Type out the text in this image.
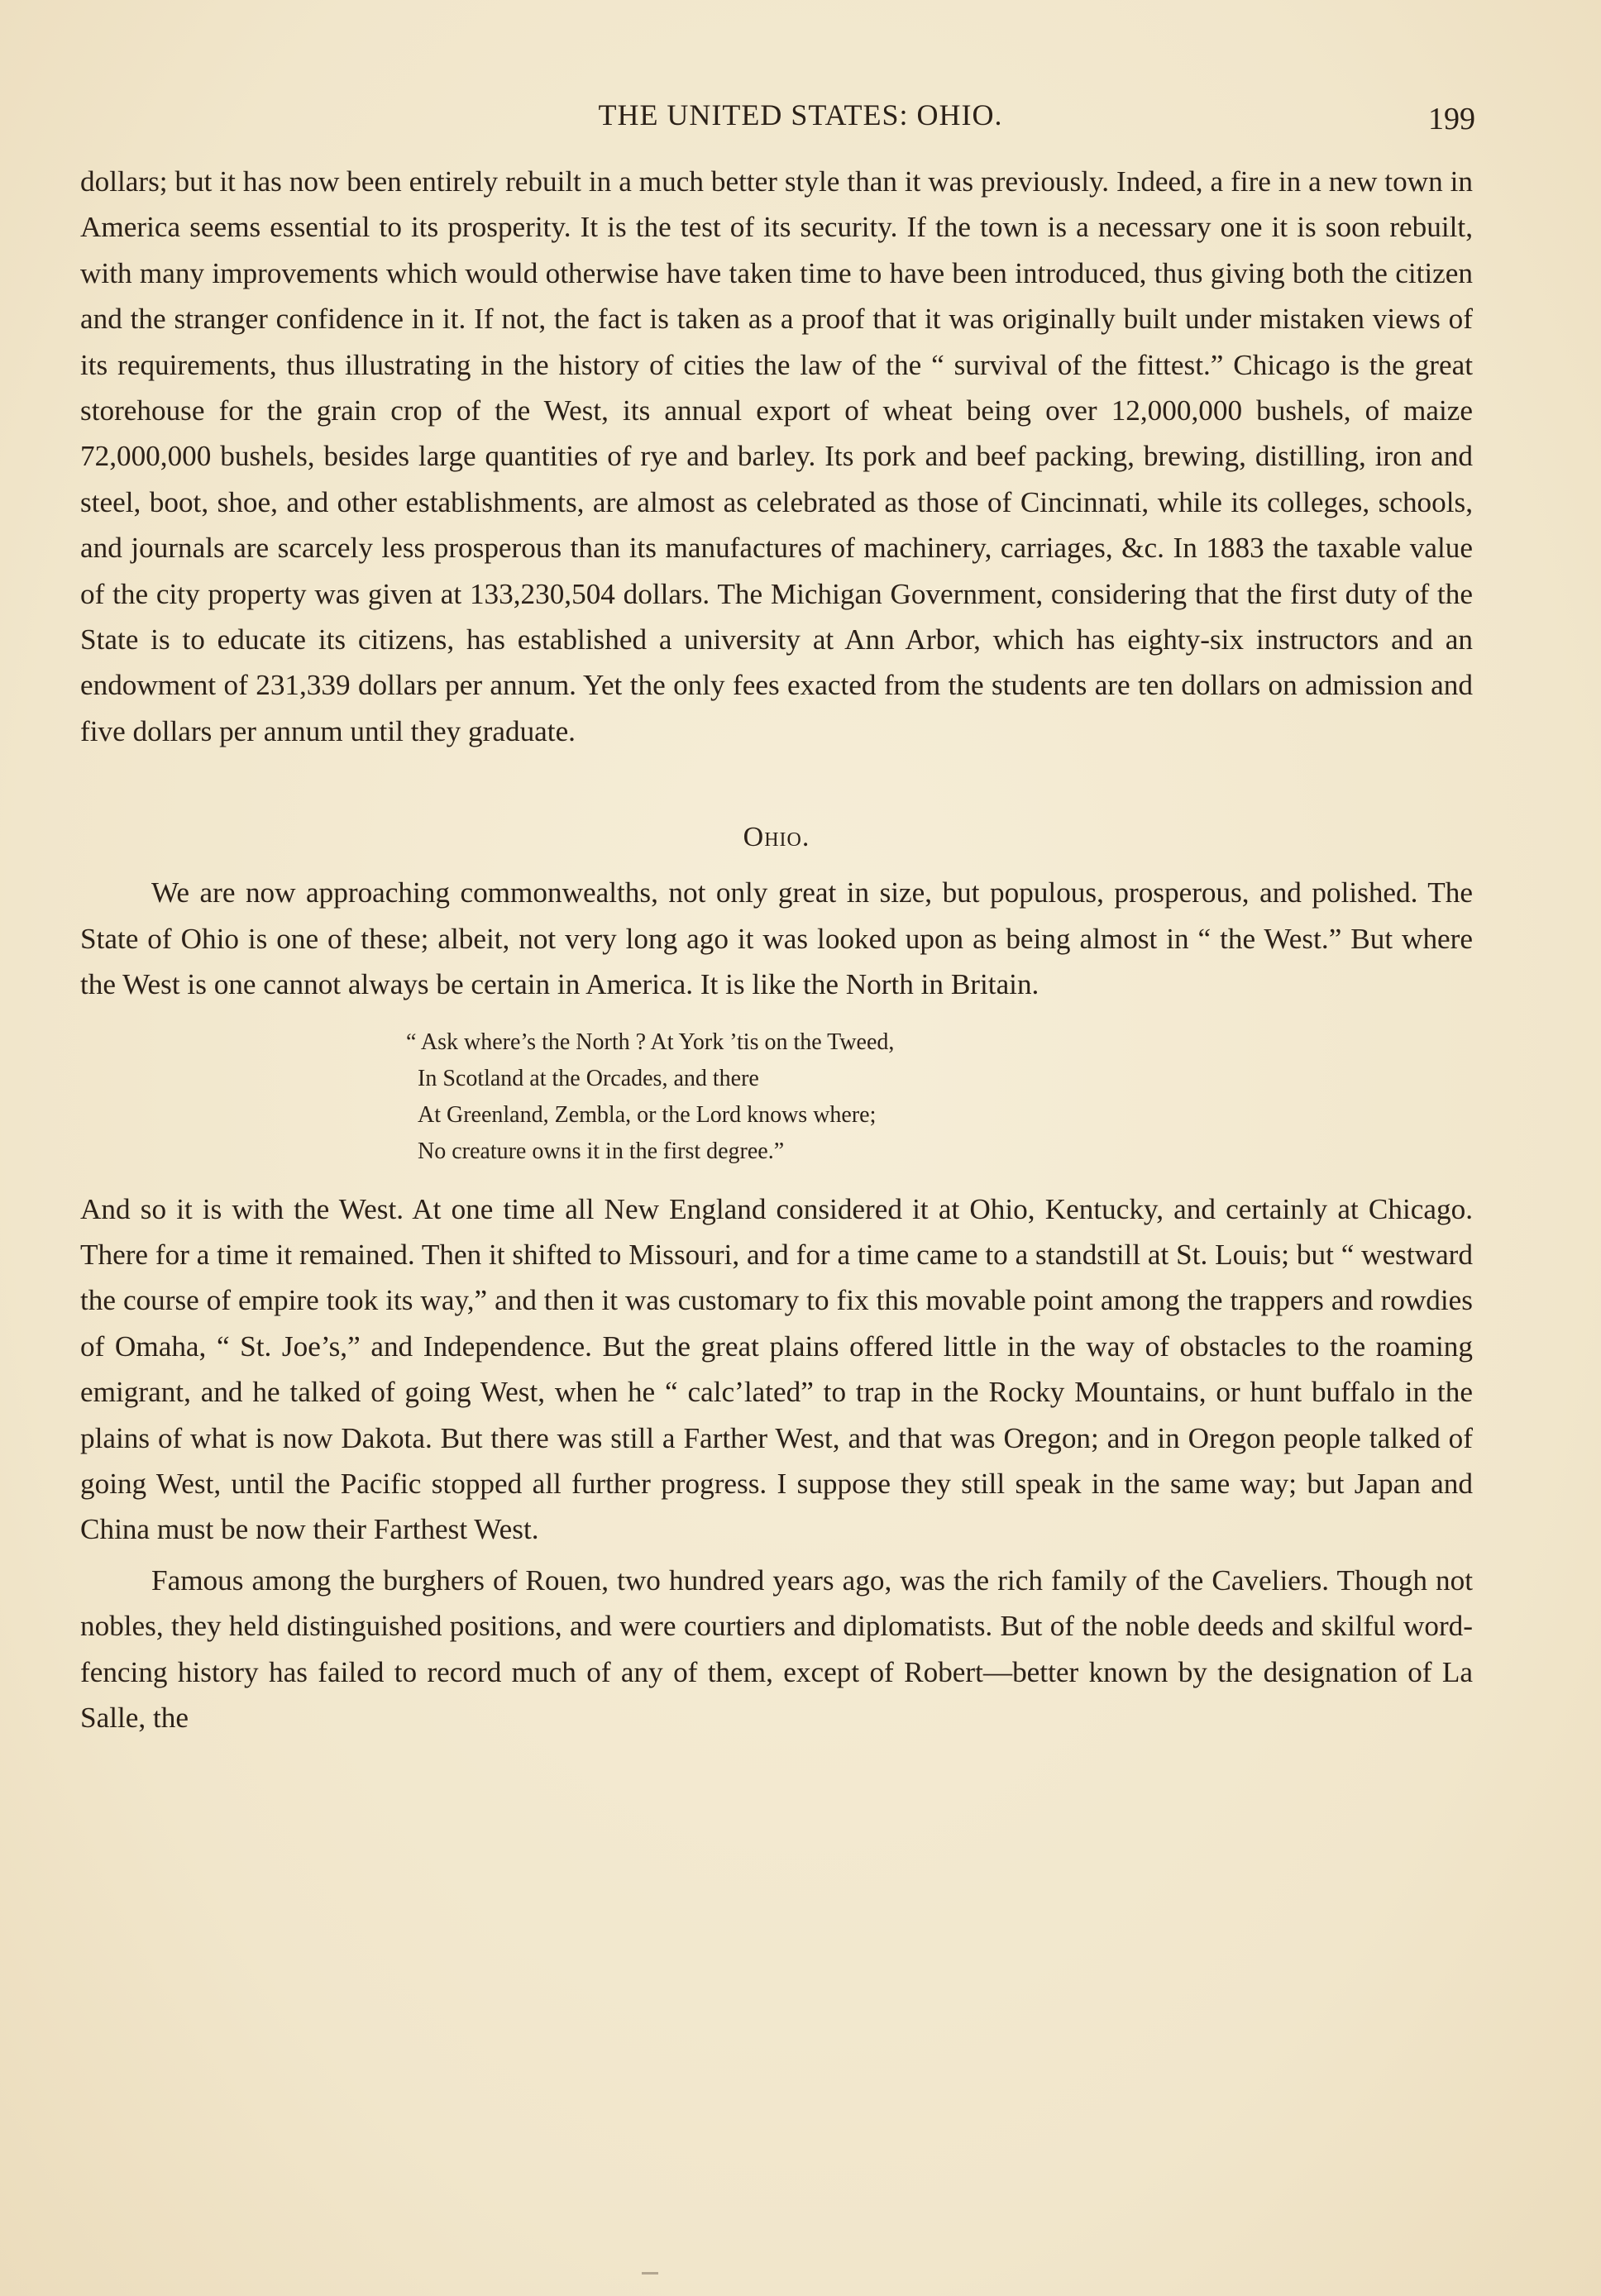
THE UNITED STATES: OHIO.	199

dollars; but it has now been entirely rebuilt in a much better style than it was previously. Indeed, a fire in a new town in America seems essential to its prosperity. It is the test of its security. If the town is a necessary one it is soon rebuilt, with many improvements which would otherwise have taken time to have been introduced, thus giving both the citizen and the stranger confidence in it. If not, the fact is taken as a proof that it was originally built under mistaken views of its requirements, thus illustrating in the history of cities the law of the “ survival of the fittest.” Chicago is the great storehouse for the grain crop of the West, its annual export of wheat being over 12,000,000 bushels, of maize 72,000,000 bushels, besides large quantities of rye and barley. Its pork and beef packing, brewing, distilling, iron and steel, boot, shoe, and other establishments, are almost as celebrated as those of Cincinnati, while its colleges, schools, and journals are scarcely less prosperous than its manufactures of machinery, carriages, &c. In 1883 the taxable value of the city property was given at 133,230,504 dollars. The Michigan Government, considering that the first duty of the State is to educate its citizens, has established a university at Ann Arbor, which has eighty-six instructors and an endowment of 231,339 dollars per annum. Yet the only fees exacted from the students are ten dollars on admission and five dollars per annum until they graduate.

Ohio.

We are now approaching commonwealths, not only great in size, but populous, prosperous, and polished. The State of Ohio is one of these; albeit, not very long ago it was looked upon as being almost in “ the West.” But where the West is one cannot always be certain in America. It is like the North in Britain.

“ Ask where’s the North ? At York ’tis on the Tweed,
In Scotland at the Orcades, and there
At Greenland, Zembla, or the Lord knows where;
No creature owns it in the first degree.”

And so it is with the West. At one time all New England considered it at Ohio, Kentucky, and certainly at Chicago. There for a time it remained. Then it shifted to Missouri, and for a time came to a standstill at St. Louis; but “ westward the course of empire took its way,” and then it was customary to fix this movable point among the trappers and rowdies of Omaha, “ St. Joe’s,” and Independence. But the great plains offered little in the way of obstacles to the roaming emigrant, and he talked of going West, when he “ calc’lated” to trap in the Rocky Mountains, or hunt buffalo in the plains of what is now Dakota. But there was still a Farther West, and that was Oregon; and in Oregon people talked of going West, until the Pacific stopped all further progress. I suppose they still speak in the same way; but Japan and China must be now their Farthest West.

Famous among the burghers of Rouen, two hundred years ago, was the rich family of the Caveliers. Though not nobles, they held distinguished positions, and were courtiers and diplomatists. But of the noble deeds and skilful word-fencing history has failed to record much of any of them, except of Robert—better known by the designation of La Salle, the
